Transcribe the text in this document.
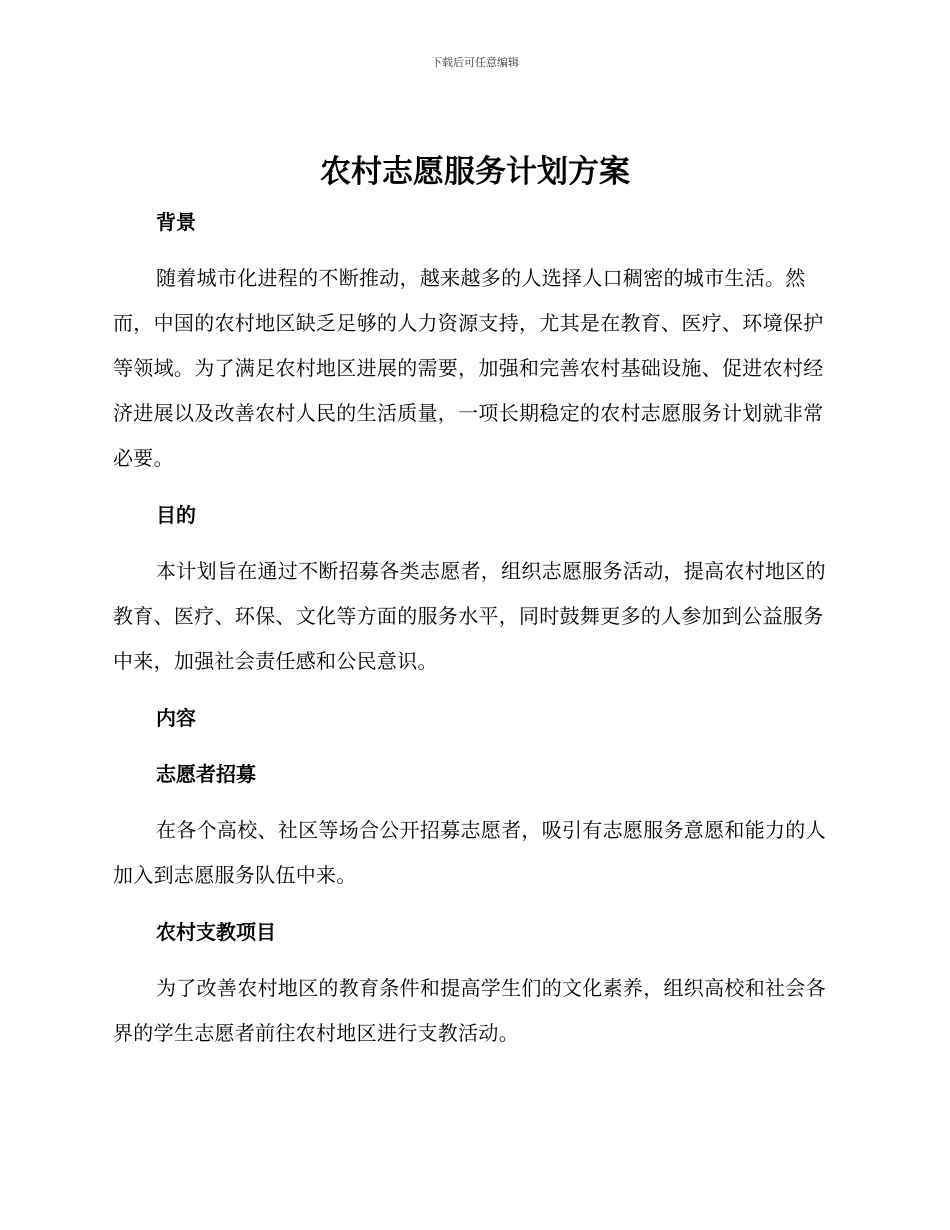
下载后可任意编辑
农村志愿服务计划方案
背景

随着城市化进程的不断推动，越来越多的人选择人口稠密的城市生活。然而，中国的农村地区缺乏足够的人力资源支持，尤其是在教育、医疗、环境保护等领域。为了满足农村地区进展的需要，加强和完善农村基础设施、促进农村经济进展以及改善农村人民的生活质量，一项长期稳定的农村志愿服务计划就非常必要。

目的

本计划旨在通过不断招募各类志愿者，组织志愿服务活动，提高农村地区的教育、医疗、环保、文化等方面的服务水平，同时鼓舞更多的人参加到公益服务中来，加强社会责任感和公民意识。

内容
志愿者招募

在各个高校、社区等场合公开招募志愿者，吸引有志愿服务意愿和能力的人加入到志愿服务队伍中来。

农村支教项目

为了改善农村地区的教育条件和提高学生们的文化素养，组织高校和社会各界的学生志愿者前往农村地区进行支教活动。
